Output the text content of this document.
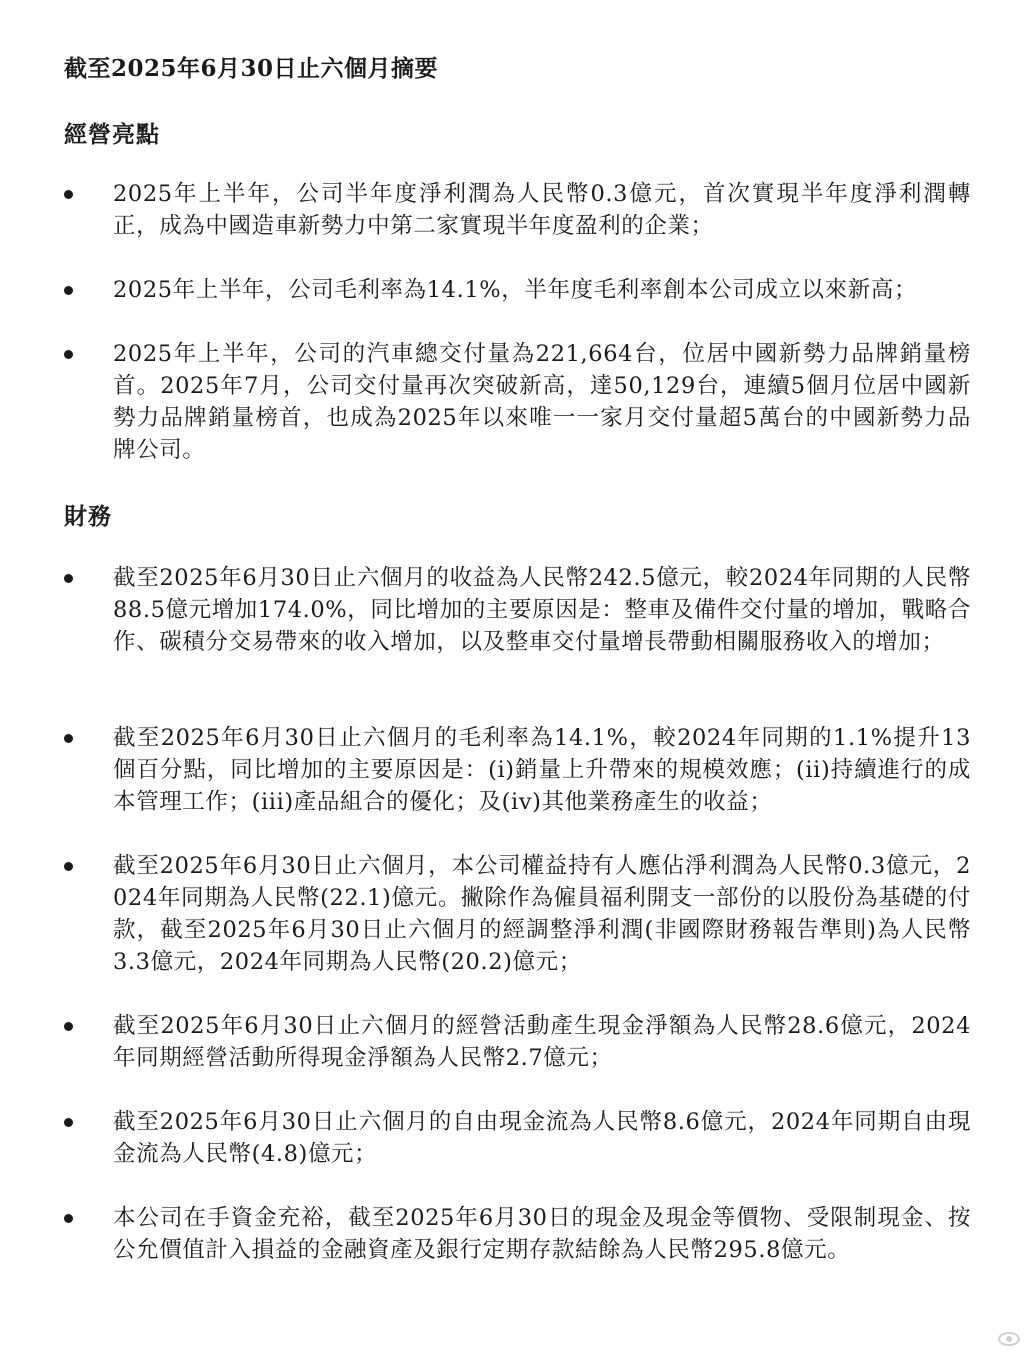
截至2025年6月30日止六個月摘要
經營亮點
2025年上半年，公司半年度淨利潤為人民幣0.3億元，首次實現半年度淨利潤轉正，成為中國造車新勢力中第二家實現半年度盈利的企業；
2025年上半年，公司毛利率為14.1%，半年度毛利率創本公司成立以來新高；
2025年上半年，公司的汽車總交付量為221,664台，位居中國新勢力品牌銷量榜首。2025年7月，公司交付量再次突破新高，達50,129台，連續5個月位居中國新勢力品牌銷量榜首，也成為2025年以來唯一一家月交付量超5萬台的中國新勢力品牌公司。
財務
截至2025年6月30日止六個月的收益為人民幣242.5億元，較2024年同期的人民幣88.5億元增加174.0%，同比增加的主要原因是：整車及備件交付量的增加，戰略合作、碳積分交易帶來的收入增加，以及整車交付量增長帶動相關服務收入的增加；
截至2025年6月30日止六個月的毛利率為14.1%，較2024年同期的1.1%提升13個百分點，同比增加的主要原因是：(i)銷量上升帶來的規模效應；(ii)持續進行的成本管理工作；(iii)產品組合的優化；及(iv)其他業務產生的收益；
截至2025年6月30日止六個月，本公司權益持有人應佔淨利潤為人民幣0.3億元，2024年同期為人民幣(22.1)億元。撇除作為僱員福利開支一部份的以股份為基礎的付款，截至2025年6月30日止六個月的經調整淨利潤(非國際財務報告準則)為人民幣3.3億元，2024年同期為人民幣(20.2)億元；
截至2025年6月30日止六個月的經營活動產生現金淨額為人民幣28.6億元，2024年同期經營活動所得現金淨額為人民幣2.7億元；
截至2025年6月30日止六個月的自由現金流為人民幣8.6億元，2024年同期自由現金流為人民幣(4.8)億元；
本公司在手資金充裕，截至2025年6月30日的現金及現金等價物、受限制現金、按公允價值計入損益的金融資產及銀行定期存款結餘為人民幣295.8億元。
